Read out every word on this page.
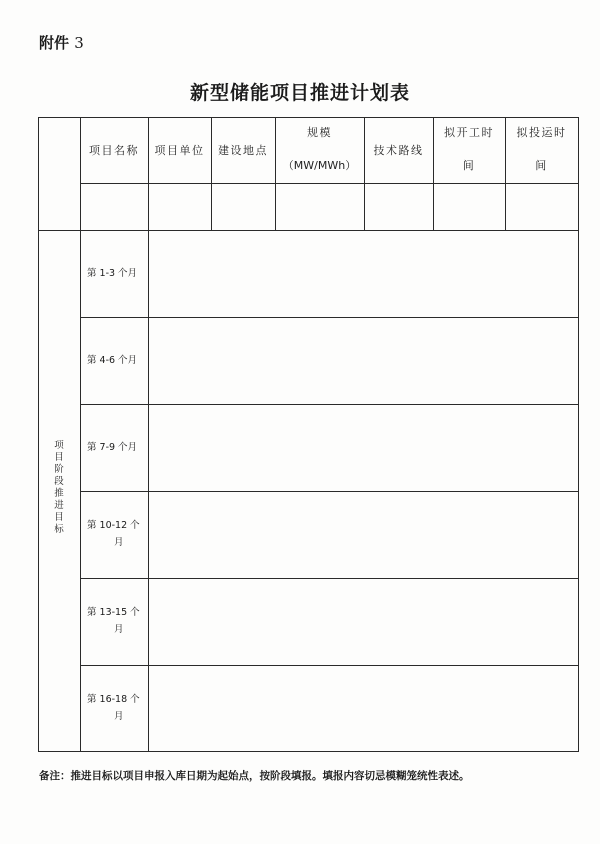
附件 3
新型储能项目推进计划表
项目名称	项目单位	建设地点
规模
（MW/MWh）
技术路线
拟开工时
间
拟投运时
间
项
目
阶
段
推
进
目
标
第 1-3 个月
第 4-6 个月
第 7-9 个月
第 10-12 个
月
第 13-15 个
月
第 16-18 个
月
备注：推进目标以项目申报入库日期为起始点，按阶段填报。填报内容切忌模糊笼统性表述。
